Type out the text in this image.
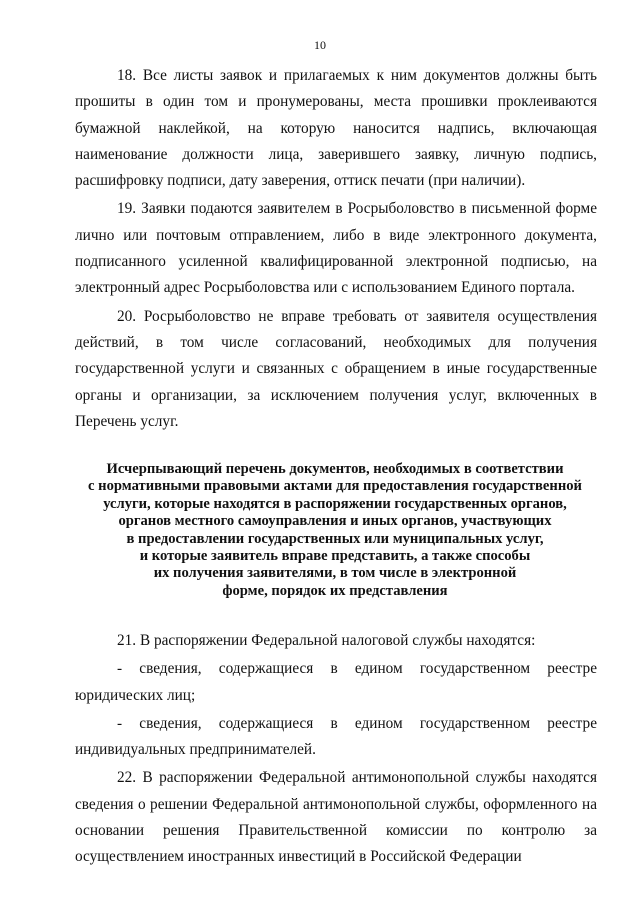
10

18. Все листы заявок и прилагаемых к ним документов должны быть прошиты в один том и пронумерованы, места прошивки проклеиваются бумажной наклейкой, на которую наносится надпись, включающая наименование должности лица, заверившего заявку, личную подпись, расшифровку подписи, дату заверения, оттиск печати (при наличии).

19. Заявки подаются заявителем в Росрыболовство в письменной форме лично или почтовым отправлением, либо в виде электронного документа, подписанного усиленной квалифицированной электронной подписью, на электронный адрес Росрыболовства или с использованием Единого портала.

20. Росрыболовство не вправе требовать от заявителя осуществления действий, в том числе согласований, необходимых для получения государственной услуги и связанных с обращением в иные государственные органы и организации, за исключением получения услуг, включенных в Перечень услуг.

Исчерпывающий перечень документов, необходимых в соответствии
с нормативными правовыми актами для предоставления государственной
услуги, которые находятся в распоряжении государственных органов,
органов местного самоуправления и иных органов, участвующих
в предоставлении государственных или муниципальных услуг,
и которые заявитель вправе представить, а также способы
их получения заявителями, в том числе в электронной
форме, порядок их представления

21. В распоряжении Федеральной налоговой службы находятся:

- сведения, содержащиеся в едином государственном реестре юридических лиц;

- сведения, содержащиеся в едином государственном реестре индивидуальных предпринимателей.

22. В распоряжении Федеральной антимонопольной службы находятся сведения о решении Федеральной антимонопольной службы, оформленного на основании решения Правительственной комиссии по контролю за осуществлением иностранных инвестиций в Российской Федерации
